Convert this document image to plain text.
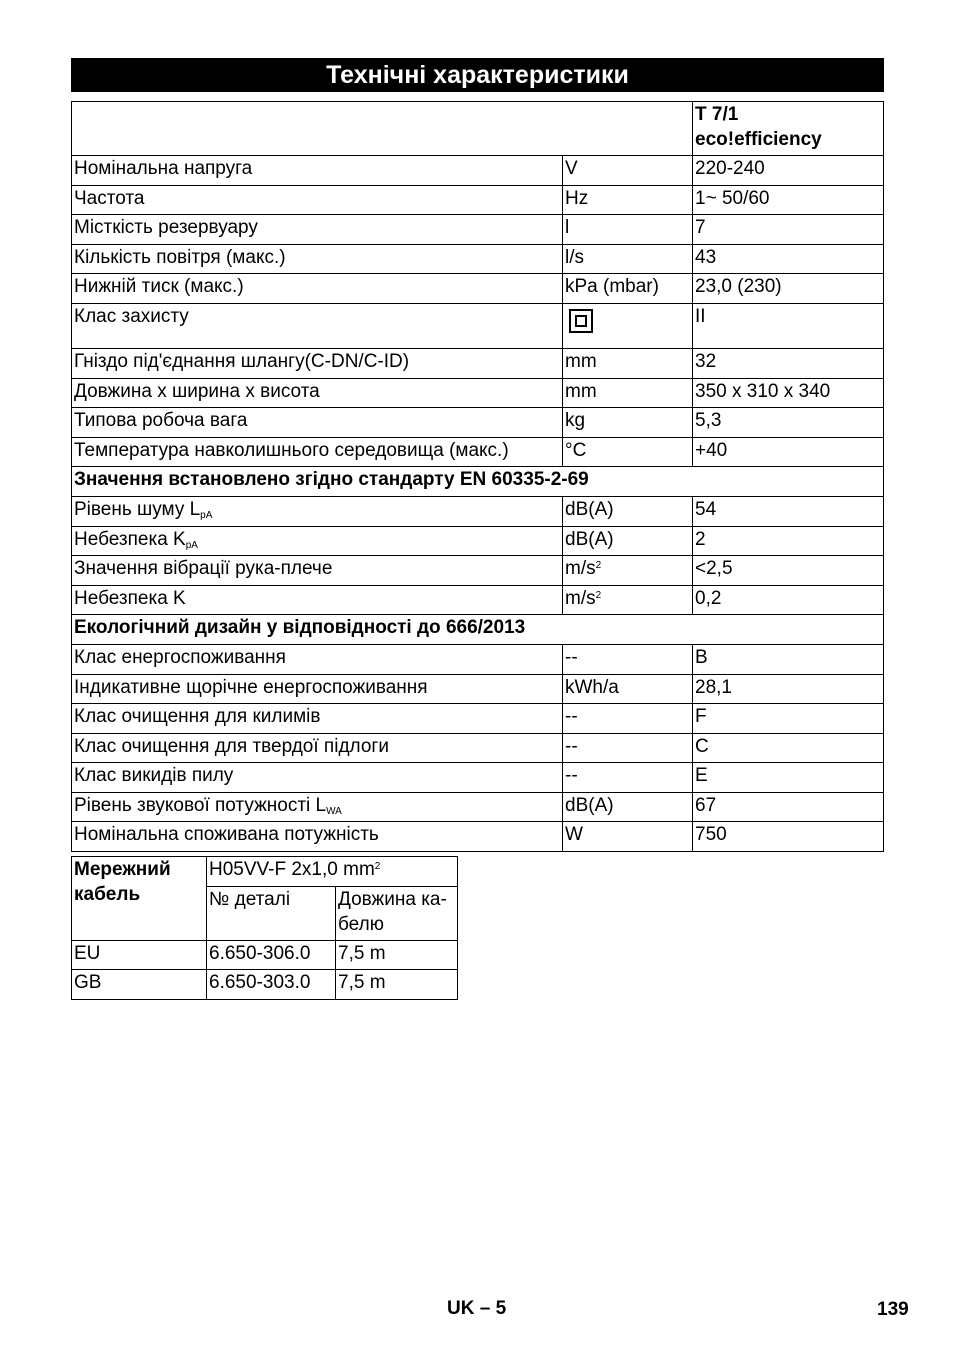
Технічні характеристики
		T 7/1
eco!efficiency
Номінальна напруга	V	220-240
Частота	Hz	1~ 50/60
Місткість резервуару	l	7
Кількість повітря (макс.)	l/s	43
Нижній тиск (макс.)	kPa (mbar)	23,0 (230)
Клас захисту		II
Гніздо під'єднання шлангу(C-DN/C-ID)	mm	32
Довжина х ширина х висота	mm	350 x 310 x 340
Типова робоча вага	kg	5,3
Температура навколишнього середовища (макс.)	°C	+40
Значення встановлено згідно стандарту EN 60335-2-69		
Рівень шуму $L_{pA}$	dB(A)	54
Небезпека $K_{pA}$	dB(A)	2
Значення вібрації рука-плече	$m/s^2$	<2,5
Небезпека K	$m/s^2$	0,2
Екологічний дизайн у відповідності до 666/2013		
Клас енергоспоживання	--	B
Індикативне щорічне енергоспоживання	kWh/a	28,1
Клас очищення для килимів	--	F
Клас очищення для твердої підлоги	--	C
Клас викидів пилу	--	E
Рівень звукової потужності $L_{WA}$	dB(A)	67
Номінальна споживана потужність	W	750
Мережний кабель	H05VV-F 2x1,0 $mm^2$
	№ деталі	Довжина ка-белю
EU	6.650-306.0	7,5 m
GB	6.650-303.0	7,5 m
UK – 5	139
